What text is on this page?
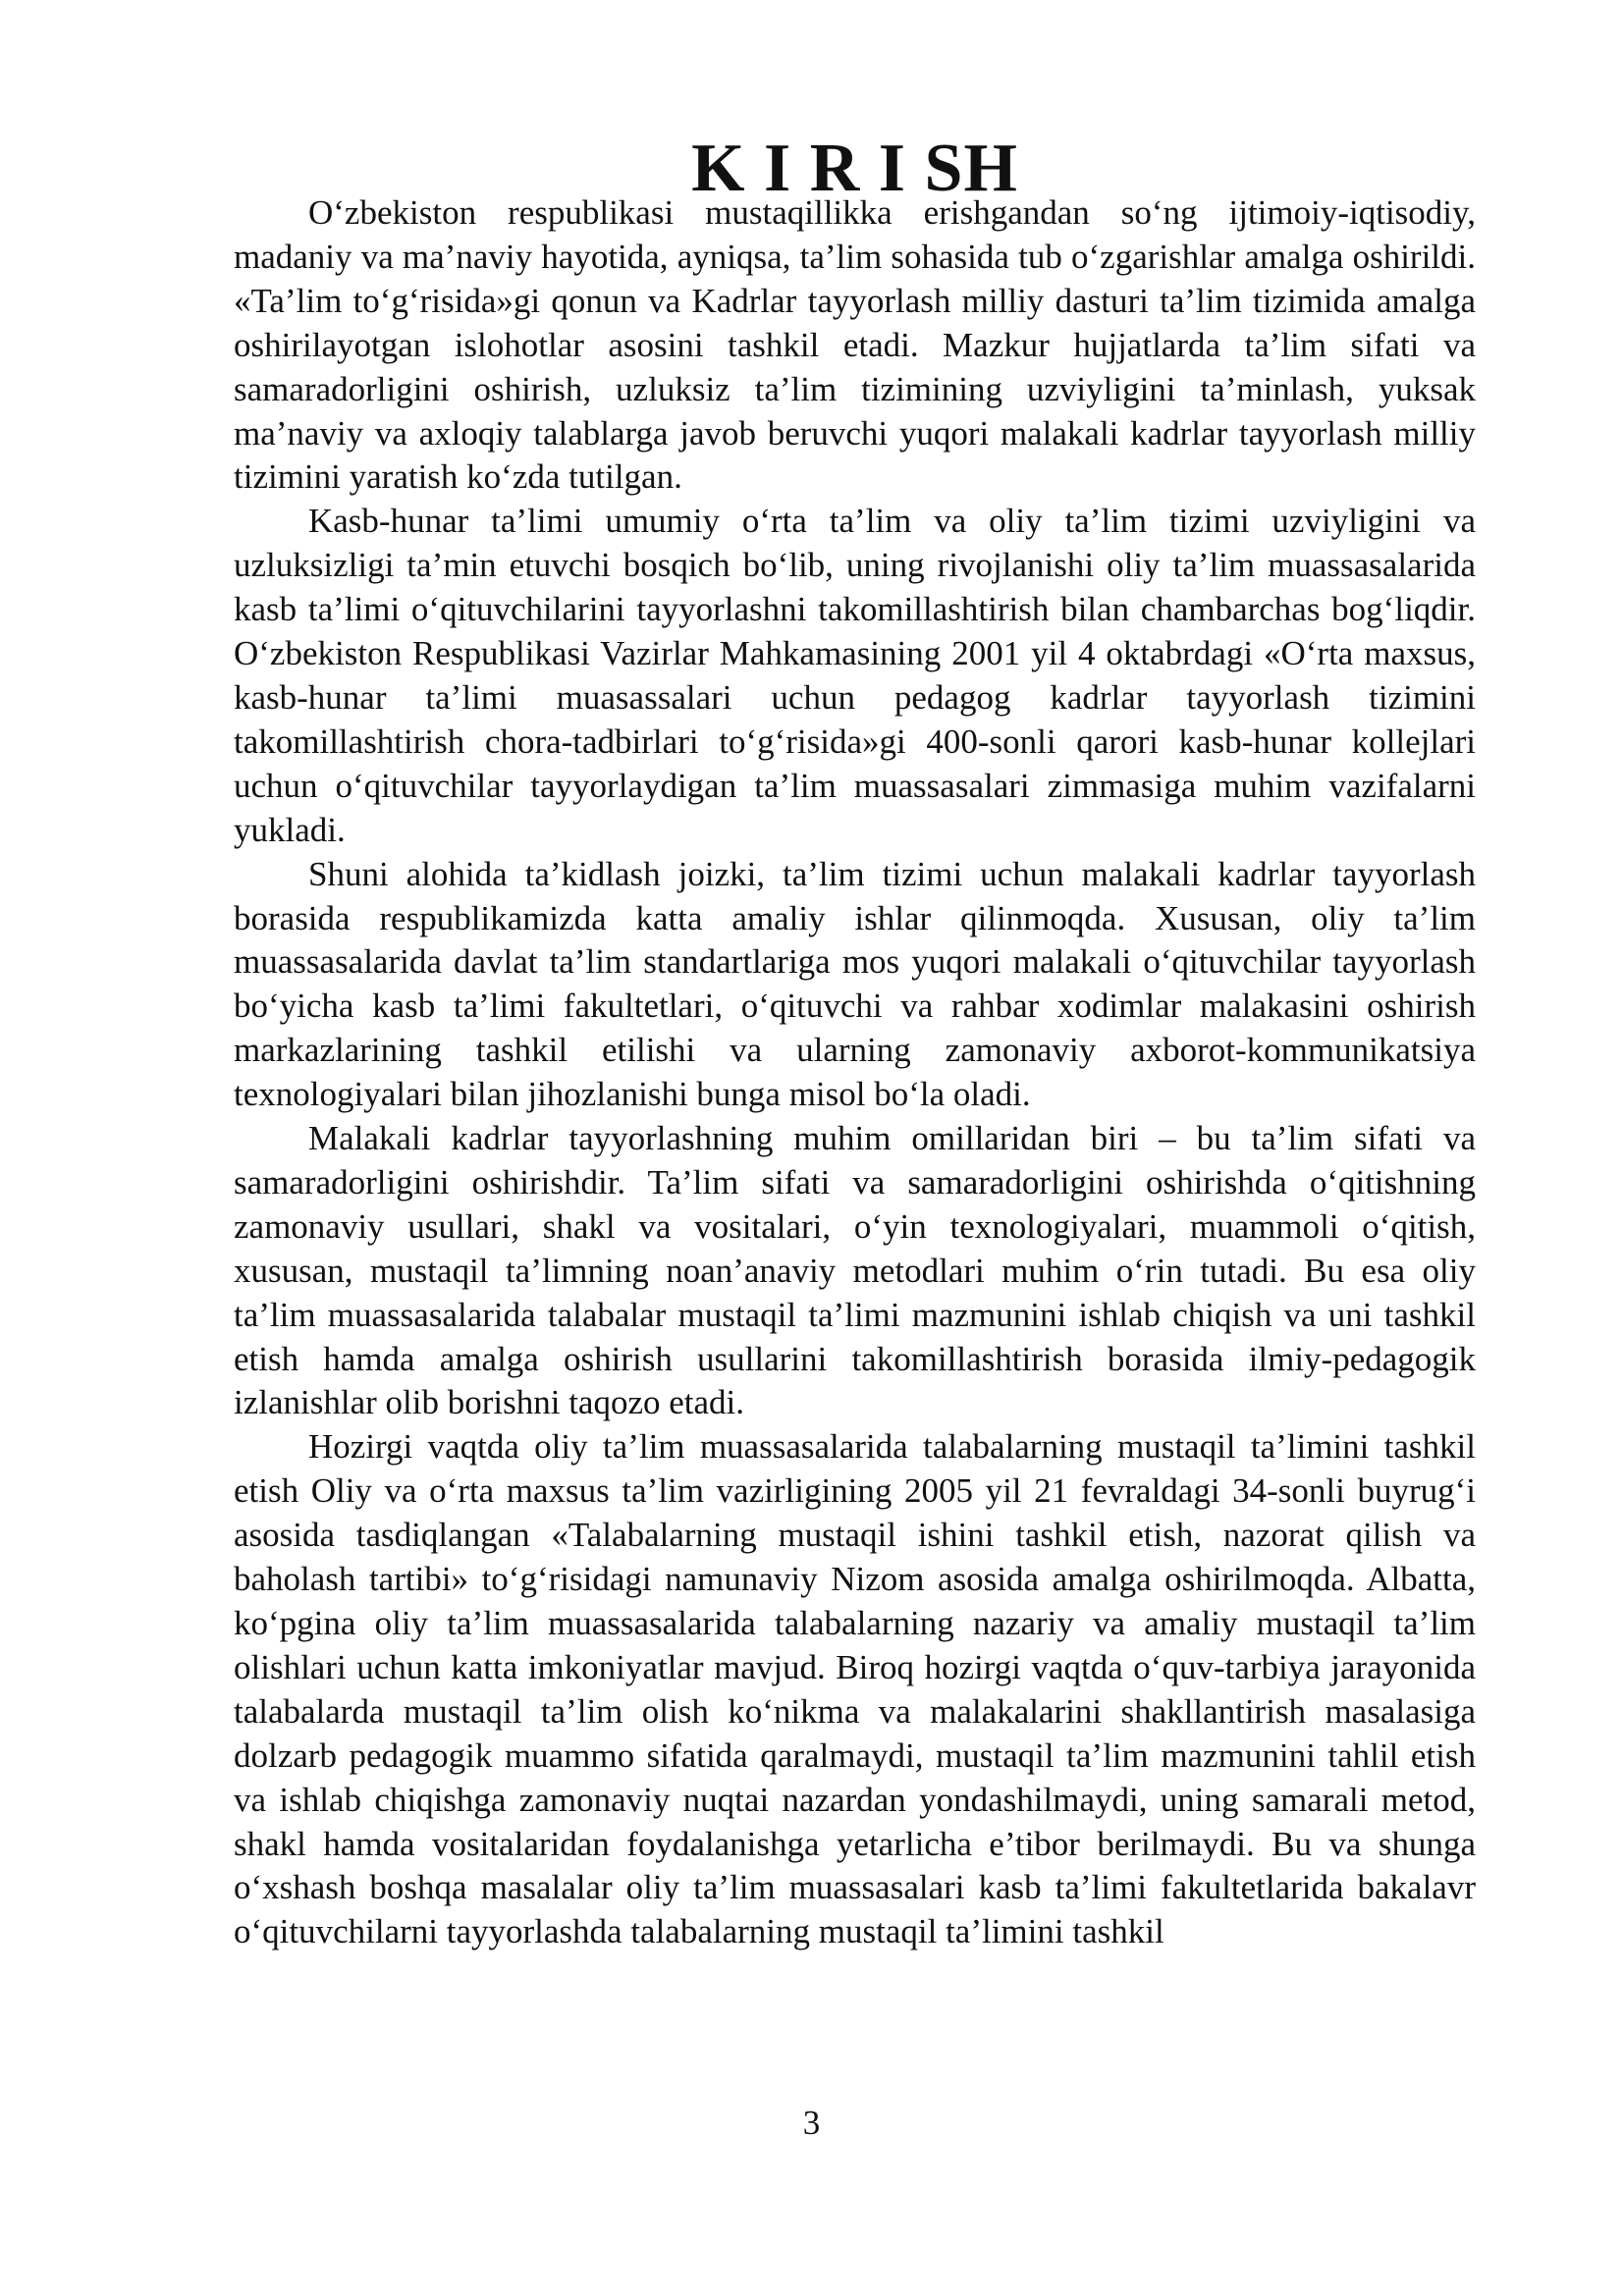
K I R I SH

O‘zbekiston respublikasi mustaqillikka erishgandan so‘ng ijtimoiy-iqtisodiy, madaniy va ma’naviy hayotida, ayniqsa, ta’lim sohasida tub o‘zgarishlar amalga oshirildi. «Ta’lim to‘g‘risida»gi qonun va Kadrlar tayyorlash milliy dasturi ta’lim tizimida amalga oshirilayotgan islohotlar asosini tashkil etadi. Mazkur hujjatlarda ta’lim sifati va samaradorligini oshirish, uzluksiz ta’lim tizimining uzviyligini ta’minlash, yuksak ma’naviy va axloqiy talablarga javob beruvchi yuqori malakali kadrlar tayyorlash milliy tizimini yaratish ko‘zda tutilgan.

Kasb-hunar ta’limi umumiy o‘rta ta’lim va oliy ta’lim tizimi uzviyligini va uzluksizligi ta’min etuvchi bosqich bo‘lib, uning rivojlanishi oliy ta’lim muassasalarida kasb ta’limi o‘qituvchilarini tayyorlashni takomillashtirish bilan chambarchas bog‘liqdir. O‘zbekiston Respublikasi Vazirlar Mahkamasining 2001 yil 4 oktabrdagi «O‘rta maxsus, kasb-hunar ta’limi muasassalari uchun pedagog kadrlar tayyorlash tizimini takomillashtirish chora-tadbirlari to‘g‘risida»gi 400-sonli qarori kasb-hunar kollejlari uchun o‘qituvchilar tayyorlaydigan ta’lim muassasalari zimmasiga muhim vazifalarni yukladi.

Shuni alohida ta’kidlash joizki, ta’lim tizimi uchun malakali kadrlar tayyorlash borasida respublikamizda katta amaliy ishlar qilinmoqda. Xususan, oliy ta’lim muassasalarida davlat ta’lim standartlariga mos yuqori malakali o‘qituvchilar tayyorlash bo‘yicha kasb ta’limi fakultetlari, o‘qituvchi va rahbar xodimlar malakasini oshirish markazlarining tashkil etilishi va ularning zamonaviy axborot-kommunikatsiya texnologiyalari bilan jihozlanishi bunga misol bo‘la oladi.

Malakali kadrlar tayyorlashning muhim omillaridan biri – bu ta’lim sifati va samaradorligini oshirishdir. Ta’lim sifati va samaradorligini oshirishda o‘qitishning zamonaviy usullari, shakl va vositalari, o‘yin texnologiyalari, muammoli o‘qitish, xususan, mustaqil ta’limning noan’anaviy metodlari muhim o‘rin tutadi. Bu esa oliy ta’lim muassasalarida talabalar mustaqil ta’limi mazmunini ishlab chiqish va uni tashkil etish hamda amalga oshirish usullarini takomillashtirish borasida ilmiy-pedagogik izlanishlar olib borishni taqozo etadi.

Hozirgi vaqtda oliy ta’lim muassasalarida talabalarning mustaqil ta’limini tashkil etish Oliy va o‘rta maxsus ta’lim vazirligining 2005 yil 21 fevraldagi 34-sonli buyrug‘i asosida tasdiqlangan «Talabalarning mustaqil ishini tashkil etish, nazorat qilish va baholash tartibi» to‘g‘risidagi namunaviy Nizom asosida amalga oshirilmoqda. Albatta, ko‘pgina oliy ta’lim muassasalarida talabalarning nazariy va amaliy mustaqil ta’lim olishlari uchun katta imkoniyatlar mavjud. Biroq hozirgi vaqtda o‘quv-tarbiya jarayonida talabalarda mustaqil ta’lim olish ko‘nikma va malakalarini shakllantirish masalasiga dolzarb pedagogik muammo sifatida qaralmaydi, mustaqil ta’lim mazmunini tahlil etish va ishlab chiqishga zamonaviy nuqtai nazardan yondashilmaydi, uning samarali metod, shakl hamda vositalaridan foydalanishga yetarlicha e’tibor berilmaydi. Bu va shunga o‘xshash boshqa masalalar oliy ta’lim muassasalari kasb ta’limi fakultetlarida bakalavr o‘qituvchilarni tayyorlashda talabalarning mustaqil ta’limini tashkil

3
